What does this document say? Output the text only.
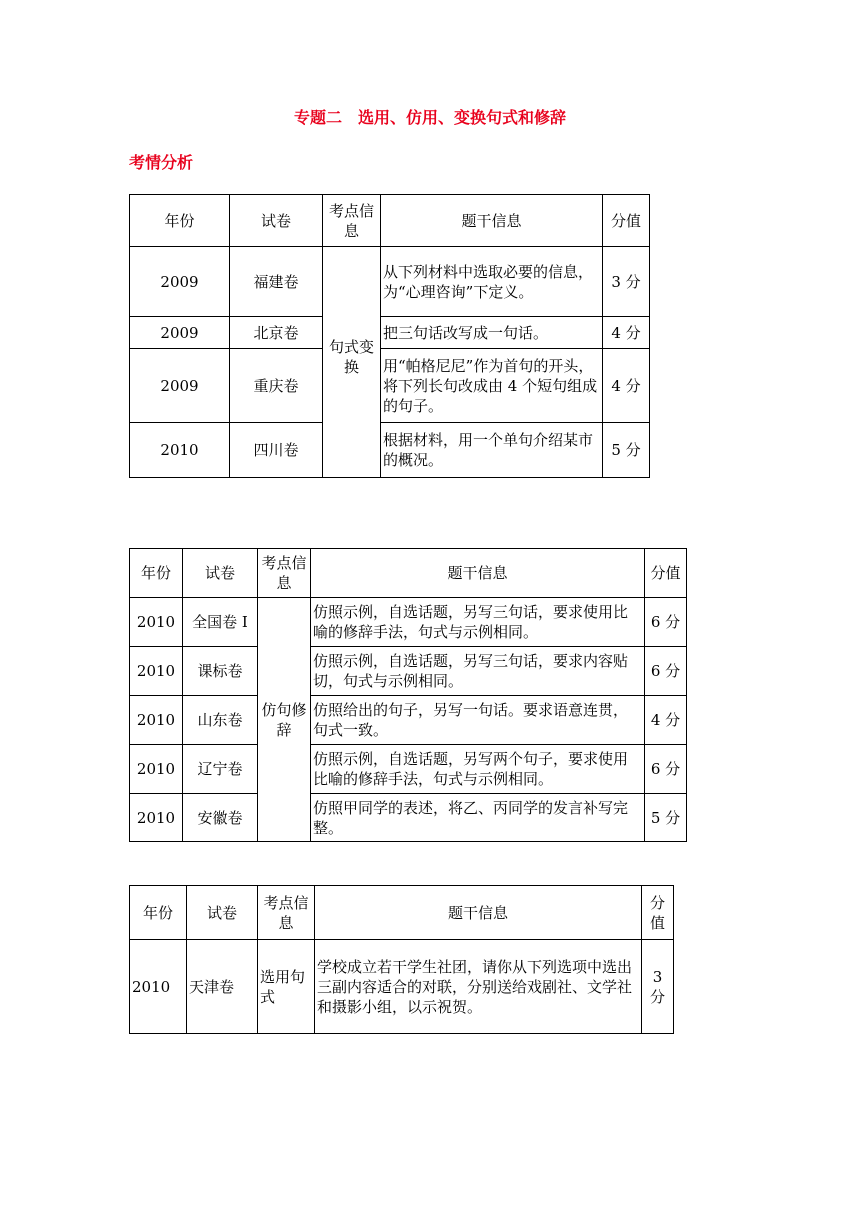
专题二　选用、仿用、变换句式和修辞
考情分析
年份	试卷	考点信息	题干信息	分值
2009	福建卷	句式变换	从下列材料中选取必要的信息，为“心理咨询”下定义。	3 分
2009	北京卷		把三句话改写成一句话。	4 分
2009	重庆卷		用“帕格尼尼”作为首句的开头，将下列长句改成由 4 个短句组成的句子。	4 分
2010	四川卷		根据材料，用一个单句介绍某市的概况。	5 分
年份	试卷	考点信息	题干信息	分值
2010	全国卷 I	仿句修辞	仿照示例，自选话题，另写三句话，要求使用比喻的修辞手法，句式与示例相同。	6 分
2010	课标卷		仿照示例，自选话题，另写三句话，要求内容贴切，句式与示例相同。	6 分
2010	山东卷		仿照给出的句子，另写一句话。要求语意连贯，句式一致。	4 分
2010	辽宁卷		仿照示例，自选话题，另写两个句子，要求使用比喻的修辞手法，句式与示例相同。	6 分
2010	安徽卷		仿照甲同学的表述，将乙、丙同学的发言补写完整。	5 分
年份	试卷	考点信息	题干信息	分值
2010	天津卷	选用句式	学校成立若干学生社团，请你从下列选项中选出三副内容适合的对联，分别送给戏剧社、文学社和摄影小组，以示祝贺。	3 分
